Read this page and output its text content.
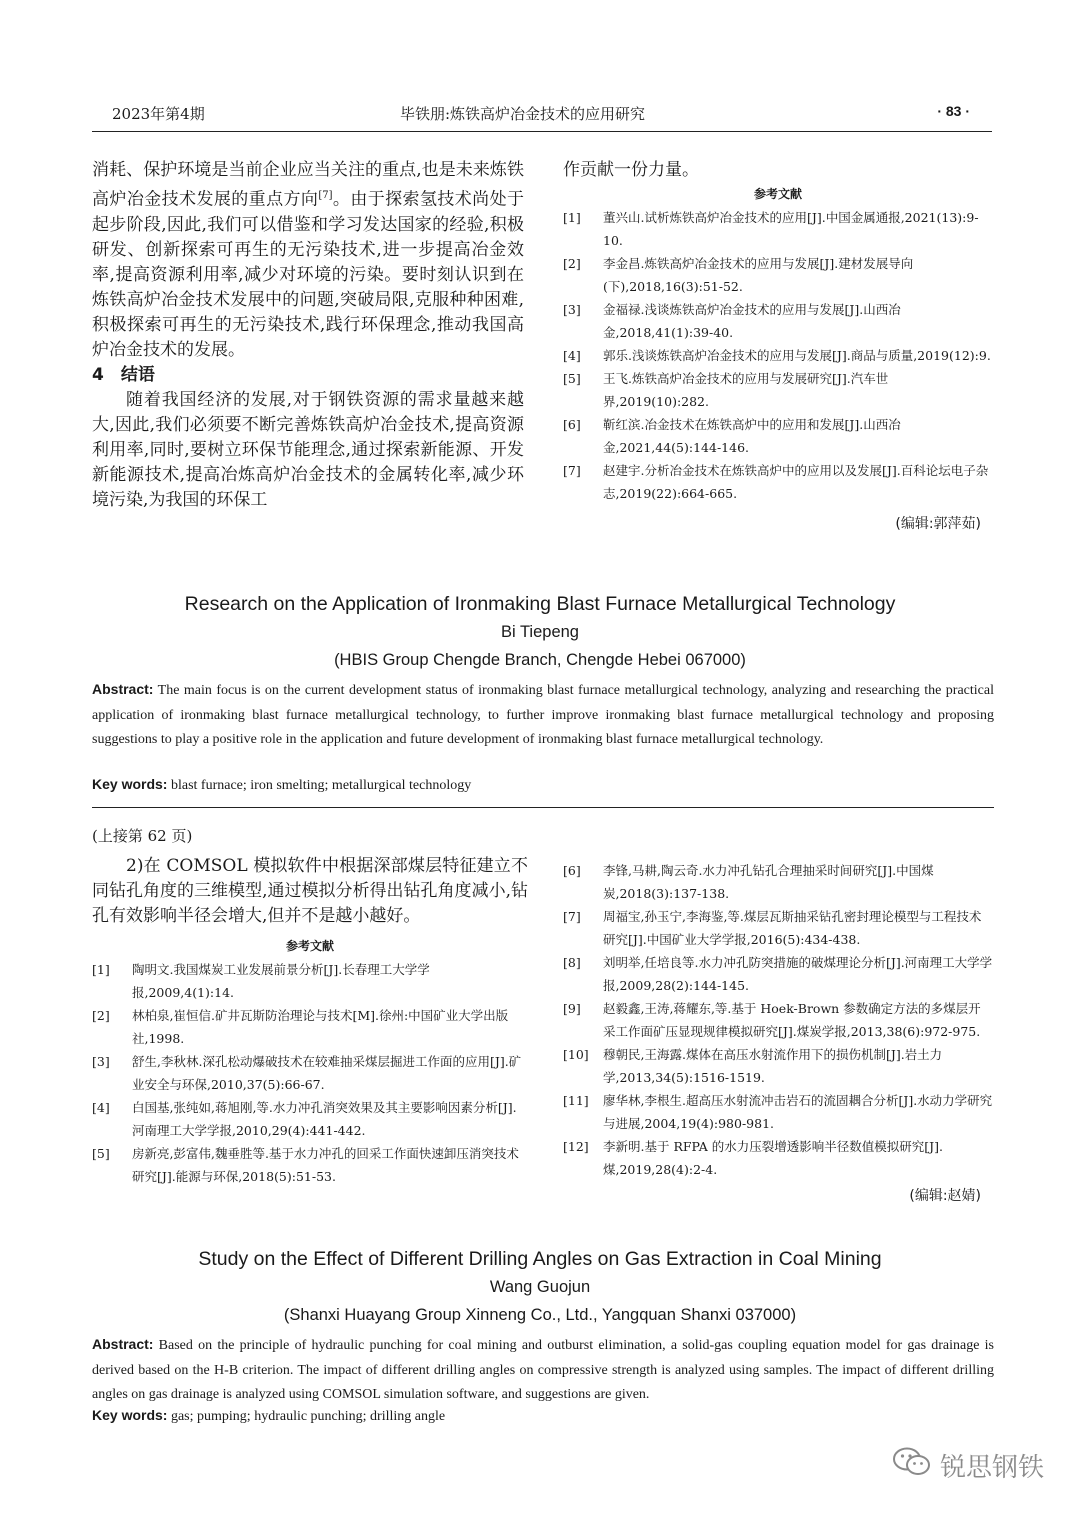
2023年第4期	毕铁朋:炼铁高炉冶金技术的应用研究	· 83 ·

消耗、保护环境是当前企业应当关注的重点,也是未来炼铁高炉冶金技术发展的重点方向[7]。由于探索氢技术尚处于起步阶段,因此,我们可以借鉴和学习发达国家的经验,积极研发、创新探索可再生的无污染技术,进一步提高冶金效率,提高资源利用率,减少对环境的污染。要时刻认识到在炼铁高炉冶金技术发展中的问题,突破局限,克服种种困难,积极探索可再生的无污染技术,践行环保理念,推动我国高炉冶金技术的发展。

4　结语

随着我国经济的发展,对于钢铁资源的需求量越来越大,因此,我们必须要不断完善炼铁高炉冶金技术,提高资源利用率,同时,要树立环保节能理念,通过探索新能源、开发新能源技术,提高冶炼高炉冶金技术的金属转化率,减少环境污染,为我国的环保工

作贡献一份力量。

参考文献
[1]	董兴山.试析炼铁高炉冶金技术的应用[J].中国金属通报,2021(13):9-10.
[2]	李金昌.炼铁高炉冶金技术的应用与发展[J].建材发展导向(下),2018,16(3):51-52.
[3]	金福禄.浅谈炼铁高炉冶金技术的应用与发展[J].山西冶金,2018,41(1):39-40.
[4]	郭乐.浅谈炼铁高炉冶金技术的应用与发展[J].商品与质量,2019(12):9.
[5]	王飞.炼铁高炉冶金技术的应用与发展研究[J].汽车世界,2019(10):282.
[6]	靳红滨.冶金技术在炼铁高炉中的应用和发展[J].山西冶金,2021,44(5):144-146.
[7]	赵建宇.分析冶金技术在炼铁高炉中的应用以及发展[J].百科论坛电子杂志,2019(22):664-665.
(编辑:郭萍茹)
Research on the Application of Ironmaking Blast Furnace Metallurgical Technology
Bi Tiepeng
(HBIS Group Chengde Branch, Chengde Hebei 067000)
Abstract: The main focus is on the current development status of ironmaking blast furnace metallurgical technology, analyzing and researching the practical application of ironmaking blast furnace metallurgical technology, to further improve ironmaking blast furnace metallurgical technology and proposing suggestions to play a positive role in the application and future development of ironmaking blast furnace metallurgical technology.
Key words: blast furnace; iron smelting; metallurgical technology
(上接第 62 页)

2)在 COMSOL 模拟软件中根据深部煤层特征建立不同钻孔角度的三维模型,通过模拟分析得出钻孔角度减小,钻孔有效影响半径会增大,但并不是越小越好。

参考文献
[1]	陶明文.我国煤炭工业发展前景分析[J].长春理工大学学报,2009,4(1):14.
[2]	林柏泉,崔恒信.矿井瓦斯防治理论与技术[M].徐州:中国矿业大学出版社,1998.
[3]	舒生,李秋林.深孔松动爆破技术在较难抽采煤层掘进工作面的应用[J].矿业安全与环保,2010,37(5):66-67.
[4]	白国基,张纯如,蒋旭刚,等.水力冲孔消突效果及其主要影响因素分析[J].河南理工大学学报,2010,29(4):441-442.
[5]	房新亮,彭富伟,魏垂胜等.基于水力冲孔的回采工作面快速卸压消突技术研究[J].能源与环保,2018(5):51-53.
[6]	李锋,马耕,陶云奇.水力冲孔钻孔合理抽采时间研究[J].中国煤炭,2018(3):137-138.
[7]	周福宝,孙玉宁,李海鉴,等.煤层瓦斯抽采钻孔密封理论模型与工程技术研究[J].中国矿业大学学报,2016(5):434-438.
[8]	刘明举,任培良等.水力冲孔防突措施的破煤理论分析[J].河南理工大学学报,2009,28(2):144-145.
[9]	赵毅鑫,王涛,蒋耀东,等.基于 Hoek-Brown 参数确定方法的多煤层开采工作面矿压显现规律模拟研究[J].煤炭学报,2013,38(6):972-975.
[10]	穆朝民,王海露.煤体在高压水射流作用下的损伤机制[J].岩土力学,2013,34(5):1516-1519.
[11]	廖华林,李根生.超高压水射流冲击岩石的流固耦合分析[J].水动力学研究与进展,2004,19(4):980-981.
[12]	李新明.基于 RFPA 的水力压裂增透影响半径数值模拟研究[J].煤,2019,28(4):2-4.
(编辑:赵婧)
Study on the Effect of Different Drilling Angles on Gas Extraction in Coal Mining
Wang Guojun
(Shanxi Huayang Group Xinneng Co., Ltd., Yangquan Shanxi 037000)
Abstract: Based on the principle of hydraulic punching for coal mining and outburst elimination, a solid-gas coupling equation model for gas drainage is derived based on the H-B criterion. The impact of different drilling angles on compressive strength is analyzed using samples. The impact of different drilling angles on gas drainage is analyzed using COMSOL simulation software, and suggestions are given.
Key words: gas; pumping; hydraulic punching; drilling angle
锐思钢铁
